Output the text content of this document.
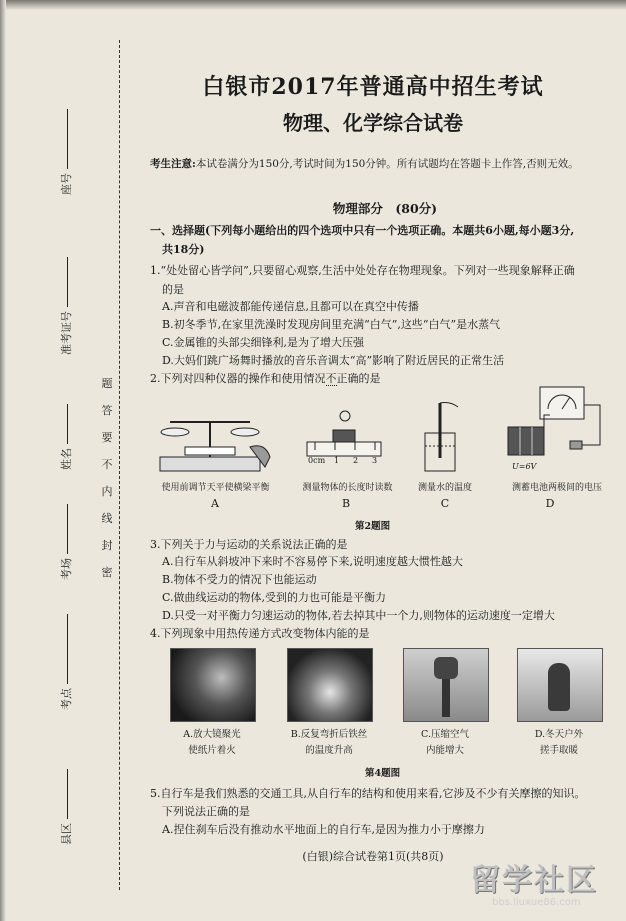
座号
准考证号
姓名
考场
考点
县区
题
答
要
不
内
线
封
密
白银市2017年普通高中招生考试
物理、化学综合试卷
考生注意:本试卷满分为150分,考试时间为150分钟。所有试题均在答题卡上作答,否则无效。
物理部分　(80分)
一、选择题(下列每小题给出的四个选项中只有一个选项正确。本题共6小题,每小题3分,
共18分)
1.“处处留心皆学问”,只要留心观察,生活中处处存在物理现象。下列对一些现象解释正确
的是
A.声音和电磁波都能传递信息,且都可以在真空中传播
B.初冬季节,在家里洗澡时发现房间里充满“白气”,这些“白气”是水蒸气
C.金属锥的头部尖细锋利,是为了增大压强
D.大妈们跳广场舞时播放的音乐音调太“高”影响了附近居民的正常生活
2.下列对四种仪器的操作和使用情况不正确的是
使用前调节天平使横梁平衡
A
0cm 1 2 3
测量物体的长度时读数
B
测量水的温度
C
U=6V
测蓄电池两极间的电压
D
第2题图
3.下列关于力与运动的关系说法正确的是
A.自行车从斜坡冲下来时不容易停下来,说明速度越大惯性越大
B.物体不受力的情况下也能运动
C.做曲线运动的物体,受到的力也可能是平衡力
D.只受一对平衡力匀速运动的物体,若去掉其中一个力,则物体的运动速度一定增大
4.下列现象中用热传递方式改变物体内能的是
A.放大镜聚光
使纸片着火
B.反复弯折后铁丝
的温度升高
C.压缩空气
内能增大
D.冬天户外
搓手取暖
第4题图
5.自行车是我们熟悉的交通工具,从自行车的结构和使用来看,它涉及不少有关摩擦的知识。
下列说法正确的是
A.捏住刹车后没有推动水平地面上的自行车,是因为推力小于摩擦力
(白银)综合试卷第1页(共8页)
留学社区
bbs.liuxue86.com
